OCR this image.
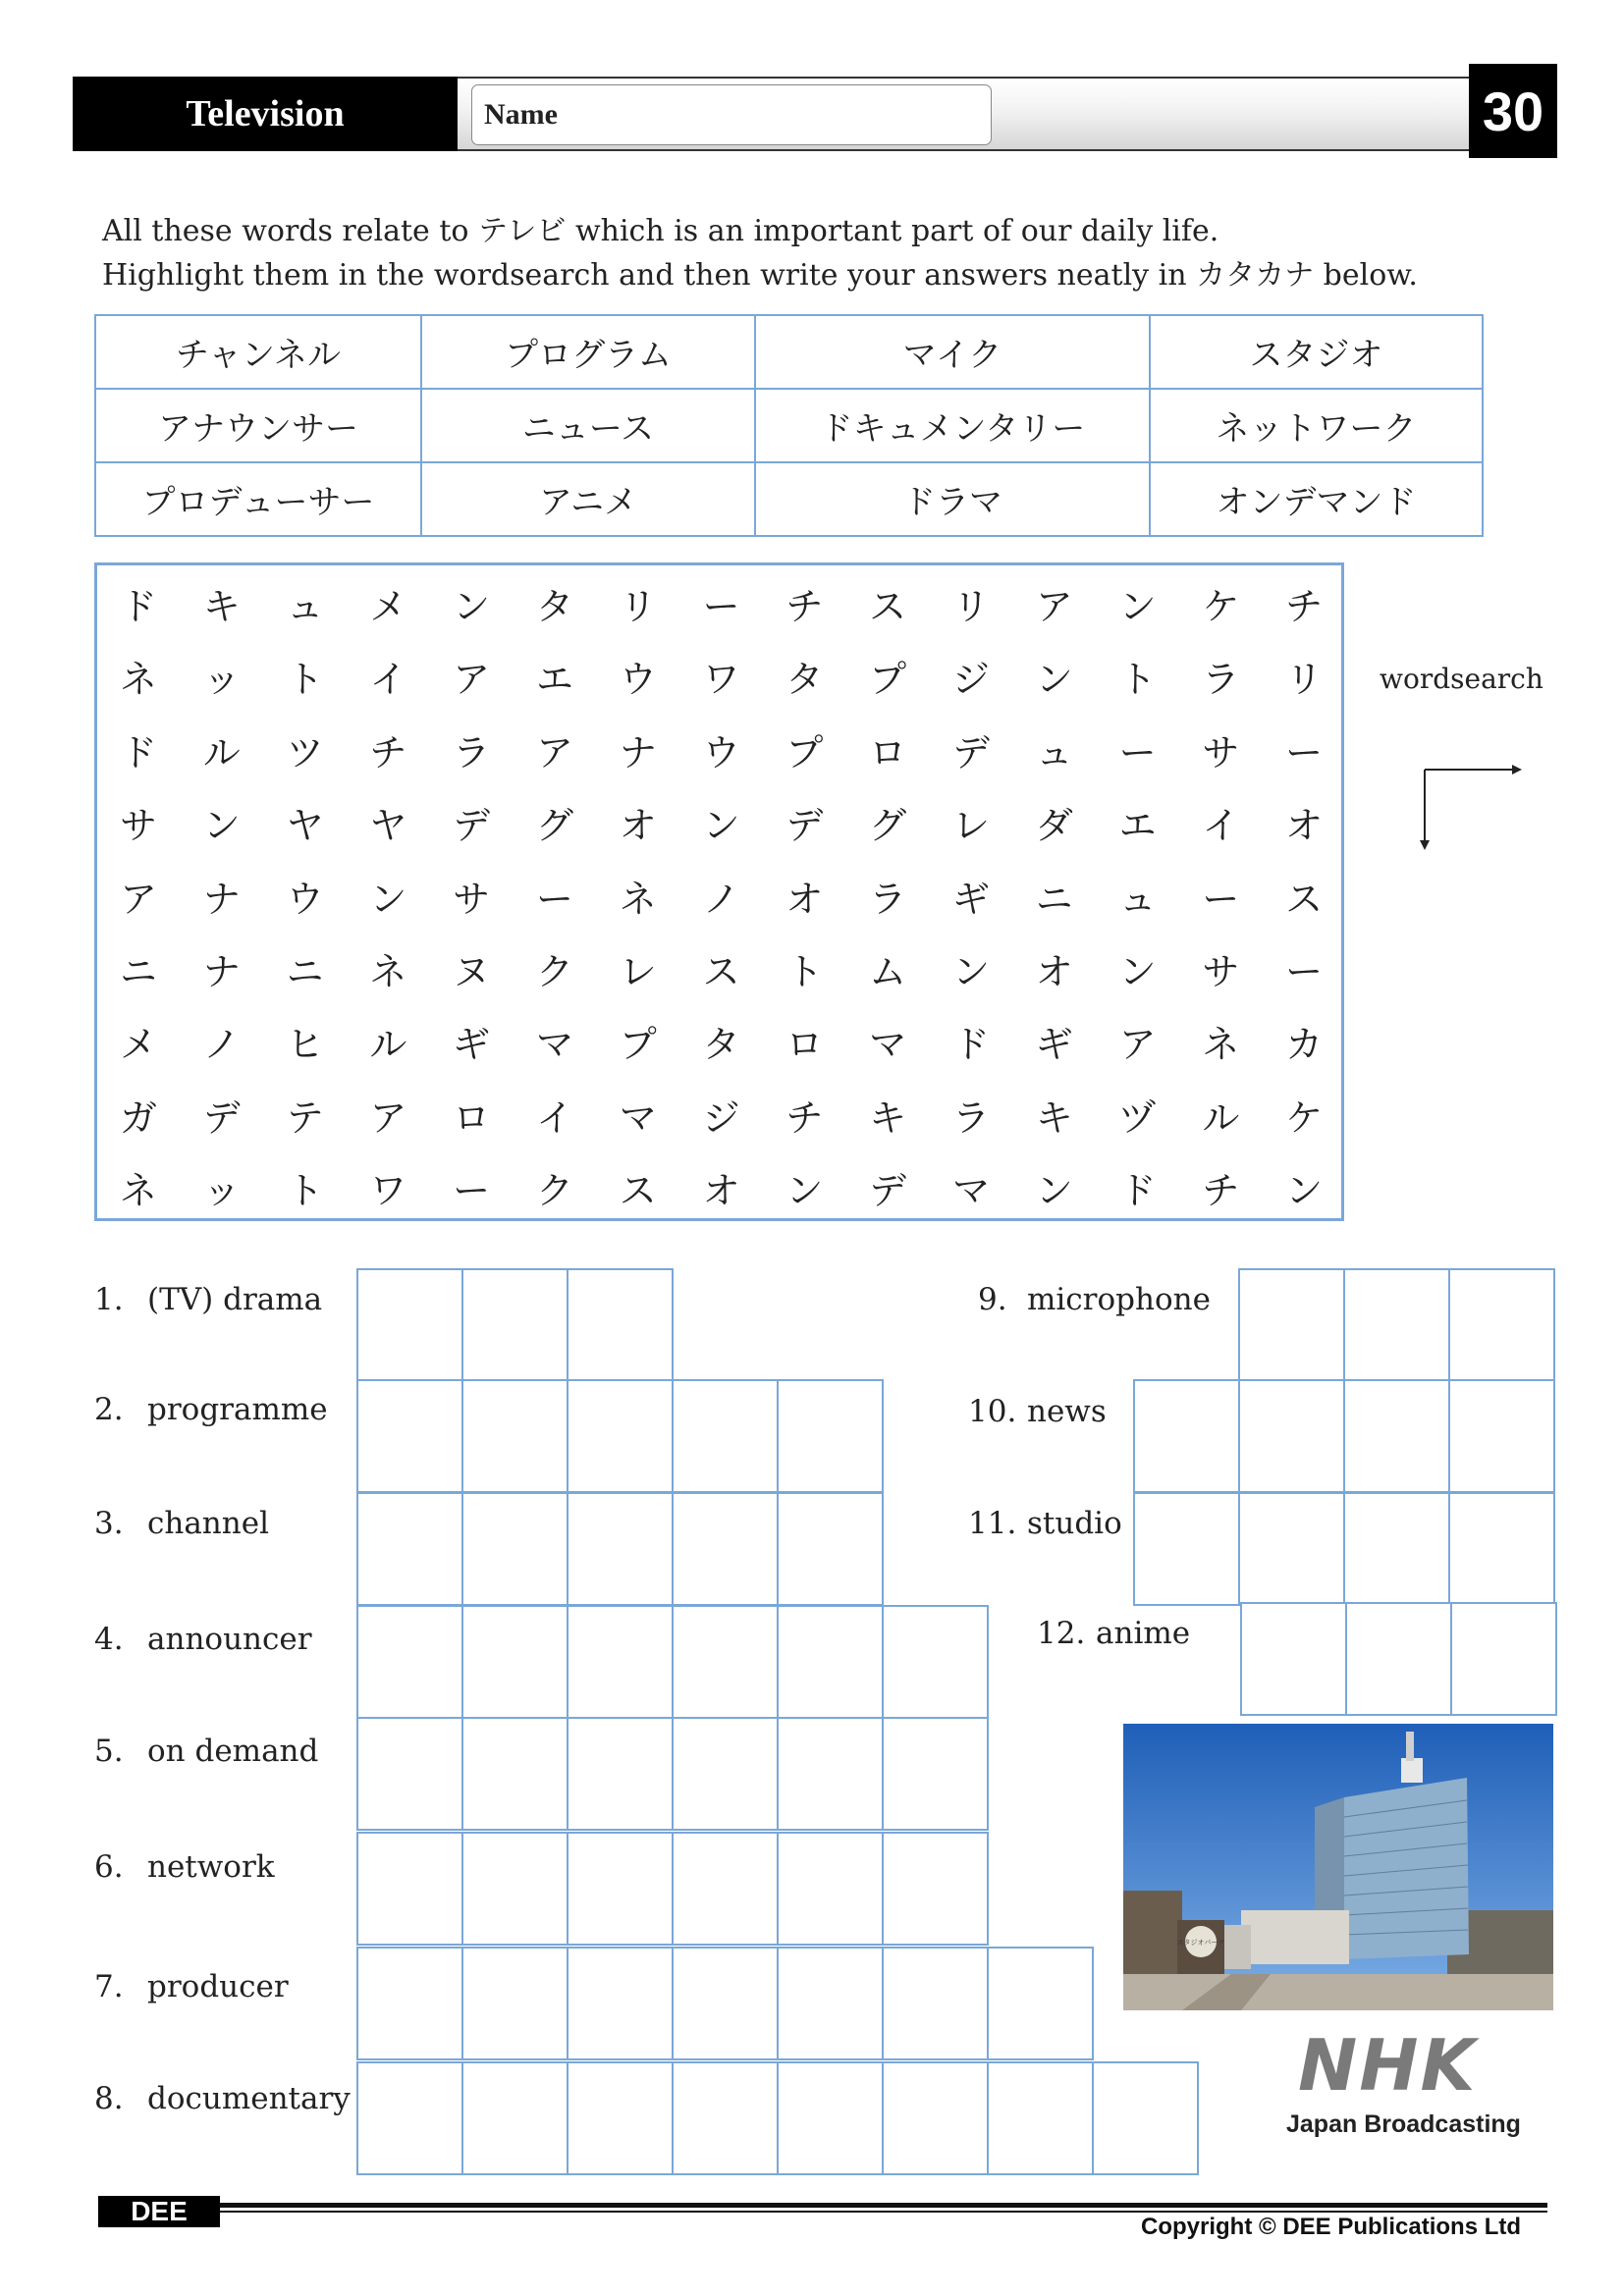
Television	Name	30
All these words relate to テレビ which is an important part of our daily life.
Highlight them in the wordsearch and then write your answers neatly in カタカナ below.
チャンネル	プログラム	マイク	スタジオ
アナウンサー	ニュース	ドキュメンタリー	ネットワーク
プロデューサー	アニメ	ドラマ	オンデマンド
ド	キ	ュ	メ	ン	タ	リ	ー	チ	ス	リ	ア	ン	ケ	チ
ネ	ッ	ト	イ	ア	エ	ウ	ワ	タ	プ	ジ	ン	ト	ラ	リ
ド	ル	ツ	チ	ラ	ア	ナ	ウ	プ	ロ	デ	ュ	ー	サ	ー
サ	ン	ヤ	ヤ	デ	グ	オ	ン	デ	グ	レ	ダ	エ	イ	オ
ア	ナ	ウ	ン	サ	ー	ネ	ノ	オ	ラ	ギ	ニ	ュ	ー	ス
ニ	ナ	ニ	ネ	ヌ	ク	レ	ス	ト	ム	ン	オ	ン	サ	ー
メ	ノ	ヒ	ル	ギ	マ	プ	タ	ロ	マ	ド	ギ	ア	ネ	カ
ガ	デ	テ	ア	ロ	イ	マ	ジ	チ	キ	ラ	キ	ヅ	ル	ケ
ネ	ッ	ト	ワ	ー	ク	ス	オ	ン	デ	マ	ン	ド	チ	ン
wordsearch
1. (TV) drama
2. programme
3. channel
4. announcer
5. on demand
6. network
7. producer
8. documentary
9. microphone
10. news
11. studio
12. anime
スタジオパーク
NHK
Japan Broadcasting
DEE
Copyright © DEE Publications Ltd
